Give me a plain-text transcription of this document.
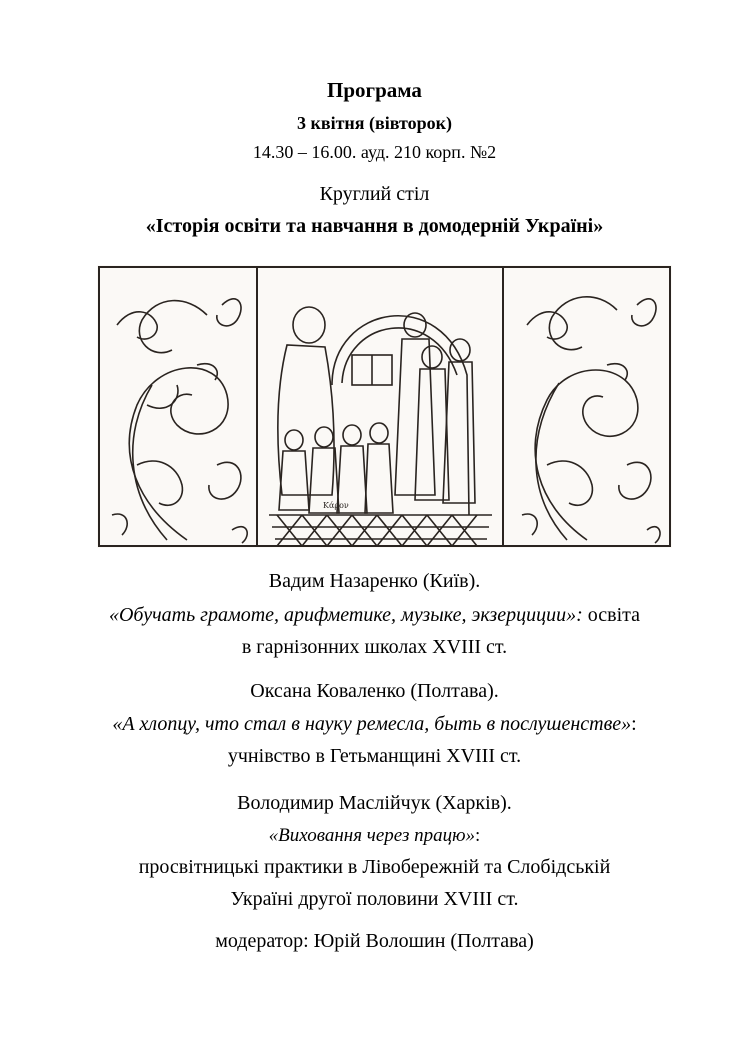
Програма
3 квітня (вівторок)
14.30 – 16.00. ауд. 210 корп. №2
Круглий стіл
«Історія освіти та навчання в домодерній Україні»
Κάρον
Вадим Назаренко (Київ).
«Обучать грамоте, арифметике, музыке, экзерциции»: освіта
в гарнізонних школах XVIII ст.
Оксана Коваленко (Полтава).
«А хлопцу, что стал в науку ремесла, быть в послушенстве»:
учнівство в Гетьманщині XVIII ст.
Володимир Маслійчук (Харків).
«Виховання через працю»:
просвітницькі практики в Лівобережній та Слобідській
Україні другої половини XVIII ст.
модератор: Юрій Волошин (Полтава)
